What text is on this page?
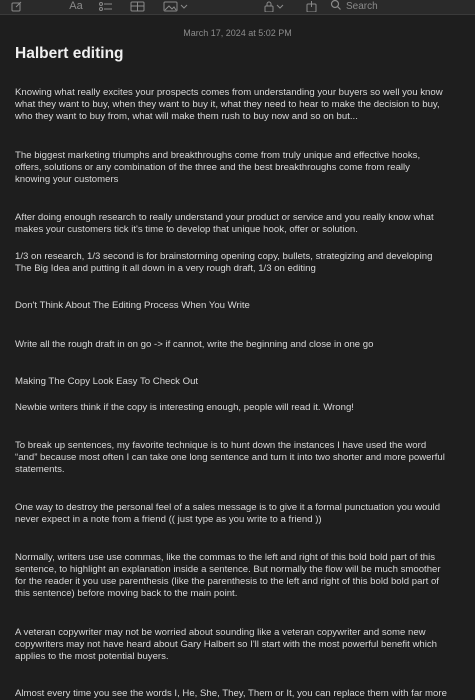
Aa
Search
March 17, 2024 at 5:02 PM
Halbert editing
Knowing what really excites your prospects comes from understanding your buyers so well you know
what they want to buy, when they want to buy it, what they need to hear to make the decision to buy,
who they want to buy from, what will make them rush to buy now and so on but...
The biggest marketing triumphs and breakthroughs come from truly unique and effective hooks,
offers, solutions or any combination of the three and the best breakthroughs come from really
knowing your customers
After doing enough research to really understand your product or service and you really know what
makes your customers tick it's time to develop that unique hook, offer or solution.
1/3 on research, 1/3 second is for brainstorming opening copy, bullets, strategizing and developing
The Big Idea and putting it all down in a very rough draft, 1/3 on editing
Don't Think About The Editing Process When You Write
Write all the rough draft in on go -> if cannot, write the beginning and close in one go
Making The Copy Look Easy To Check Out
Newbie writers think if the copy is interesting enough, people will read it. Wrong!
To break up sentences, my favorite technique is to hunt down the instances I have used the word
“and” because most often I can take one long sentence and turn it into two shorter and more powerful
statements.
One way to destroy the personal feel of a sales message is to give it a formal punctuation you would
never expect in a note from a friend (( just type as you write to a friend ))
Normally, writers use use commas, like the commas to the left and right of this bold bold part of this
sentence, to highlight an explanation inside a sentence. But normally the flow will be much smoother
for the reader it you use parenthesis (like the parenthesis to the left and right of this bold bold part of
this sentence) before moving back to the main point.
A veteran copywriter may not be worried about sounding like a veteran copywriter and some new
copywriters may not have heard about Gary Halbert so I'll start with the most powerful benefit which
applies to the most potential buyers.
Almost every time you see the words I, He, She, They, Them or It, you can replace them with far more
